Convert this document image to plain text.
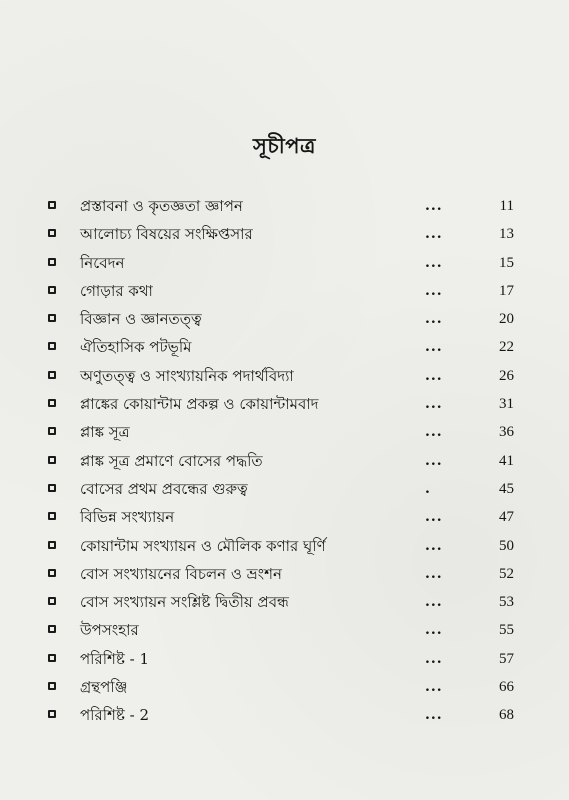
সূচীপত্র
প্রস্তাবনা ও কৃতজ্ঞতা জ্ঞাপন	...	11
আলোচ্য বিষয়ের সংক্ষিপ্তসার	...	13
নিবেদন	...	15
গোড়ার কথা	...	17
বিজ্ঞান ও জ্ঞানতত্ত্ব	...	20
ঐতিহাসিক পটভূমি	...	22
অণুতত্ত্ব ও সাংখ্যায়নিক পদার্থবিদ্যা	...	26
প্লাঙ্কের কোয়ান্টাম প্রকল্প ও কোয়ান্টামবাদ	...	31
প্লাঙ্ক সূত্র	...	36
প্লাঙ্ক সূত্র প্রমাণে বোসের পদ্ধতি	...	41
বোসের প্রথম প্রবন্ধের গুরুত্ব	.	45
বিভিন্ন সংখ্যায়ন	...	47
কোয়ান্টাম সংখ্যায়ন ও মৌলিক কণার ঘূর্ণি	...	50
বোস সংখ্যায়নের বিচলন ও ভ্রংশন	...	52
বোস সংখ্যায়ন সংশ্লিষ্ট দ্বিতীয় প্রবন্ধ	...	53
উপসংহার	...	55
পরিশিষ্ট - 1	...	57
গ্রন্থপঞ্জি	...	66
পরিশিষ্ট - 2	...	68
